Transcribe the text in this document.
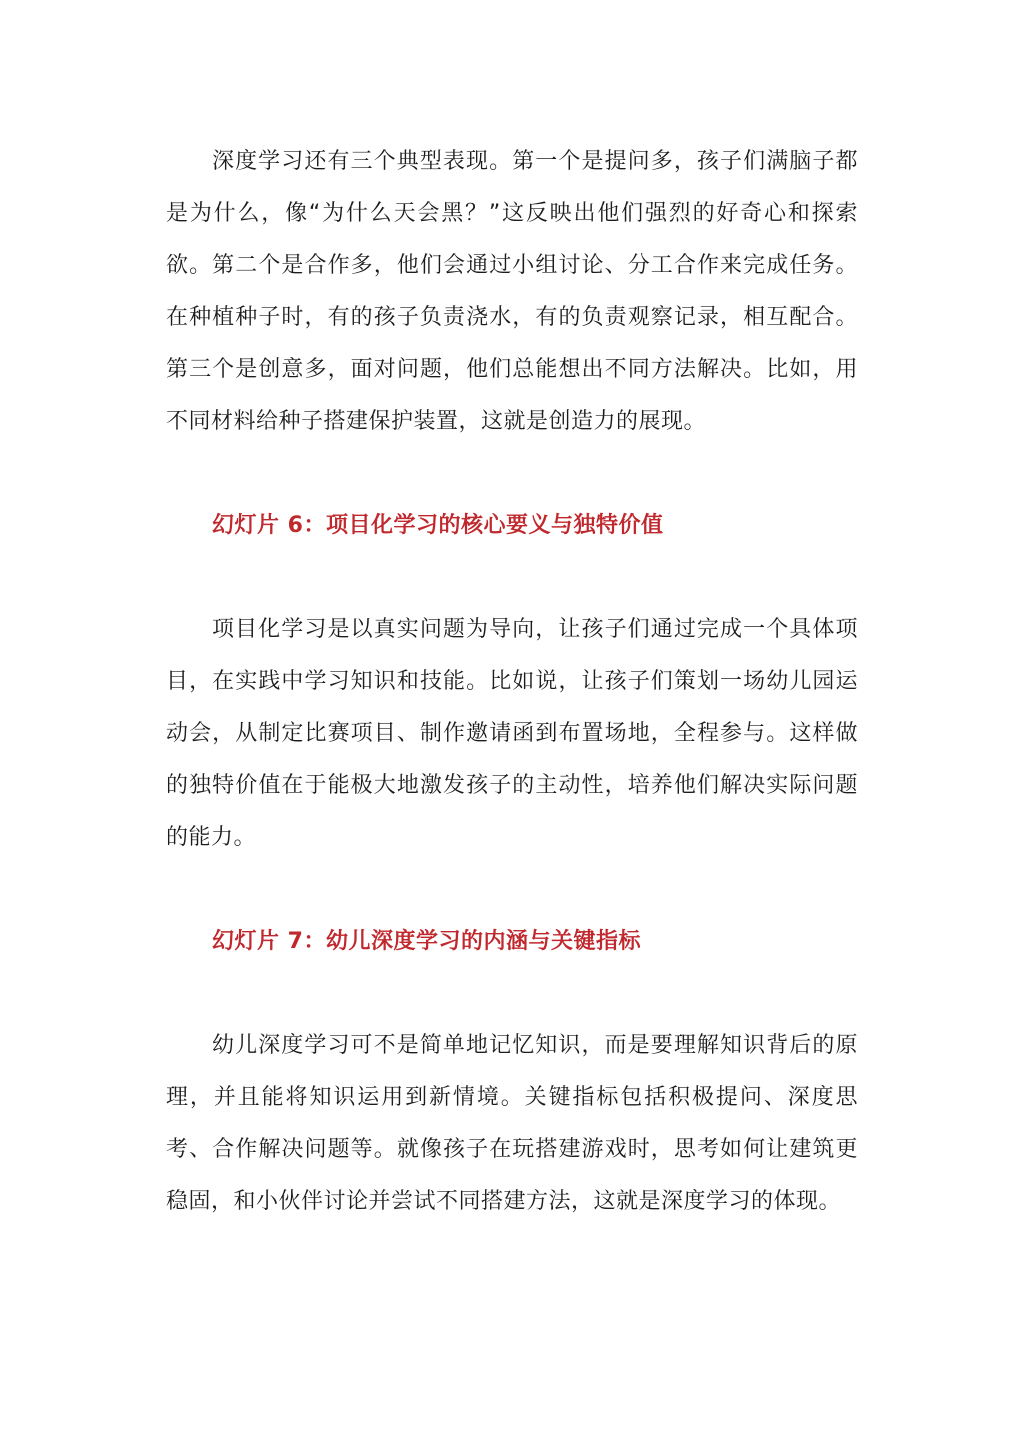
深度学习还有三个典型表现。第一个是提问多，孩子们满脑子都是为什么，像“为什么天会黑？”这反映出他们强烈的好奇心和探索欲。第二个是合作多，他们会通过小组讨论、分工合作来完成任务。在种植种子时，有的孩子负责浇水，有的负责观察记录，相互配合。第三个是创意多，面对问题，他们总能想出不同方法解决。比如，用不同材料给种子搭建保护装置，这就是创造力的展现。

幻灯片 6：项目化学习的核心要义与独特价值

项目化学习是以真实问题为导向，让孩子们通过完成一个具体项目，在实践中学习知识和技能。比如说，让孩子们策划一场幼儿园运动会，从制定比赛项目、制作邀请函到布置场地，全程参与。这样做的独特价值在于能极大地激发孩子的主动性，培养他们解决实际问题的能力。

幻灯片 7：幼儿深度学习的内涵与关键指标

幼儿深度学习可不是简单地记忆知识，而是要理解知识背后的原理，并且能将知识运用到新情境。关键指标包括积极提问、深度思考、合作解决问题等。就像孩子在玩搭建游戏时，思考如何让建筑更稳固，和小伙伴讨论并尝试不同搭建方法，这就是深度学习的体现。
